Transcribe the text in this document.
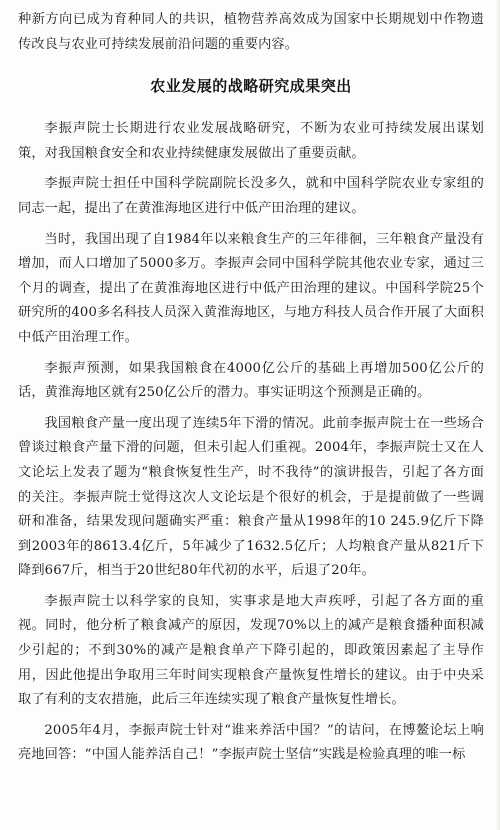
种新方向已成为育种同人的共识，植物营养高效成为国家中长期规划中作物遗传改良与农业可持续发展前沿问题的重要内容。

农业发展的战略研究成果突出

李振声院士长期进行农业发展战略研究，不断为农业可持续发展出谋划策，对我国粮食安全和农业持续健康发展做出了重要贡献。

李振声院士担任中国科学院副院长没多久，就和中国科学院农业专家组的同志一起，提出了在黄淮海地区进行中低产田治理的建议。

当时，我国出现了自1984年以来粮食生产的三年徘徊，三年粮食产量没有增加，而人口增加了5000多万。李振声会同中国科学院其他农业专家，通过三个月的调查，提出了在黄淮海地区进行中低产田治理的建议。中国科学院25个研究所的400多名科技人员深入黄淮海地区，与地方科技人员合作开展了大面积中低产田治理工作。

李振声预测，如果我国粮食在4000亿公斤的基础上再增加500亿公斤的话，黄淮海地区就有250亿公斤的潜力。事实证明这个预测是正确的。

我国粮食产量一度出现了连续5年下滑的情况。此前李振声院士在一些场合曾谈过粮食产量下滑的问题，但未引起人们重视。2004年，李振声院士又在人文论坛上发表了题为“粮食恢复性生产，时不我待”的演讲报告，引起了各方面的关注。李振声院士觉得这次人文论坛是个很好的机会，于是提前做了一些调研和准备，结果发现问题确实严重：粮食产量从1998年的10 245.9亿斤下降到2003年的8613.4亿斤，5年减少了1632.5亿斤；人均粮食产量从821斤下降到667斤，相当于20世纪80年代初的水平，后退了20年。

李振声院士以科学家的良知，实事求是地大声疾呼，引起了各方面的重视。同时，他分析了粮食减产的原因，发现70%以上的减产是粮食播种面积减少引起的；不到30%的减产是粮食单产下降引起的，即政策因素起了主导作用，因此他提出争取用三年时间实现粮食产量恢复性增长的建议。由于中央采取了有利的支农措施，此后三年连续实现了粮食产量恢复性增长。

2005年4月，李振声院士针对“谁来养活中国？”的诘问，在博鳌论坛上响亮地回答：“中国人能养活自己！”李振声院士坚信“实践是检验真理的唯一标
